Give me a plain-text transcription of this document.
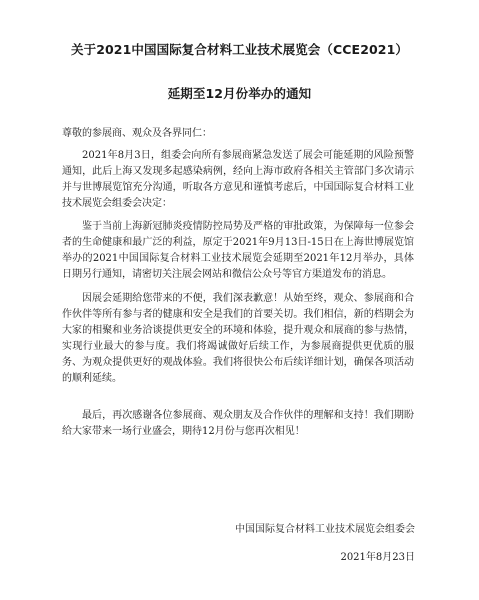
关于2021中国国际复合材料工业技术展览会（CCE2021）
延期至12月份举办的通知

尊敬的参展商、观众及各界同仁：

2021年8月3日，组委会向所有参展商紧急发送了展会可能延期的风险预警通知，此后上海又发现多起感染病例，经向上海市政府各相关主管部门多次请示并与世博展览馆充分沟通，听取各方意见和谨慎考虑后，中国国际复合材料工业技术展览会组委会决定：

鉴于当前上海新冠肺炎疫情防控局势及严格的审批政策，为保障每一位参会者的生命健康和最广泛的利益，原定于2021年9月13日-15日在上海世博展览馆举办的2021中国国际复合材料工业技术展览会延期至2021年12月举办，具体日期另行通知，请密切关注展会网站和微信公众号等官方渠道发布的消息。

因展会延期给您带来的不便，我们深表歉意！从始至终，观众、参展商和合作伙伴等所有参与者的健康和安全是我们的首要关切。我们相信，新的档期会为大家的相聚和业务洽谈提供更安全的环境和体验，提升观众和展商的参与热情，实现行业最大的参与度。我们将竭诚做好后续工作，为参展商提供更优质的服务、为观众提供更好的观战体验。我们将很快公布后续详细计划，确保各项活动的顺利延续。

最后，再次感谢各位参展商、观众朋友及合作伙伴的理解和支持！我们期盼给大家带来一场行业盛会，期待12月份与您再次相见！

中国国际复合材料工业技术展览会组委会

2021年8月23日
